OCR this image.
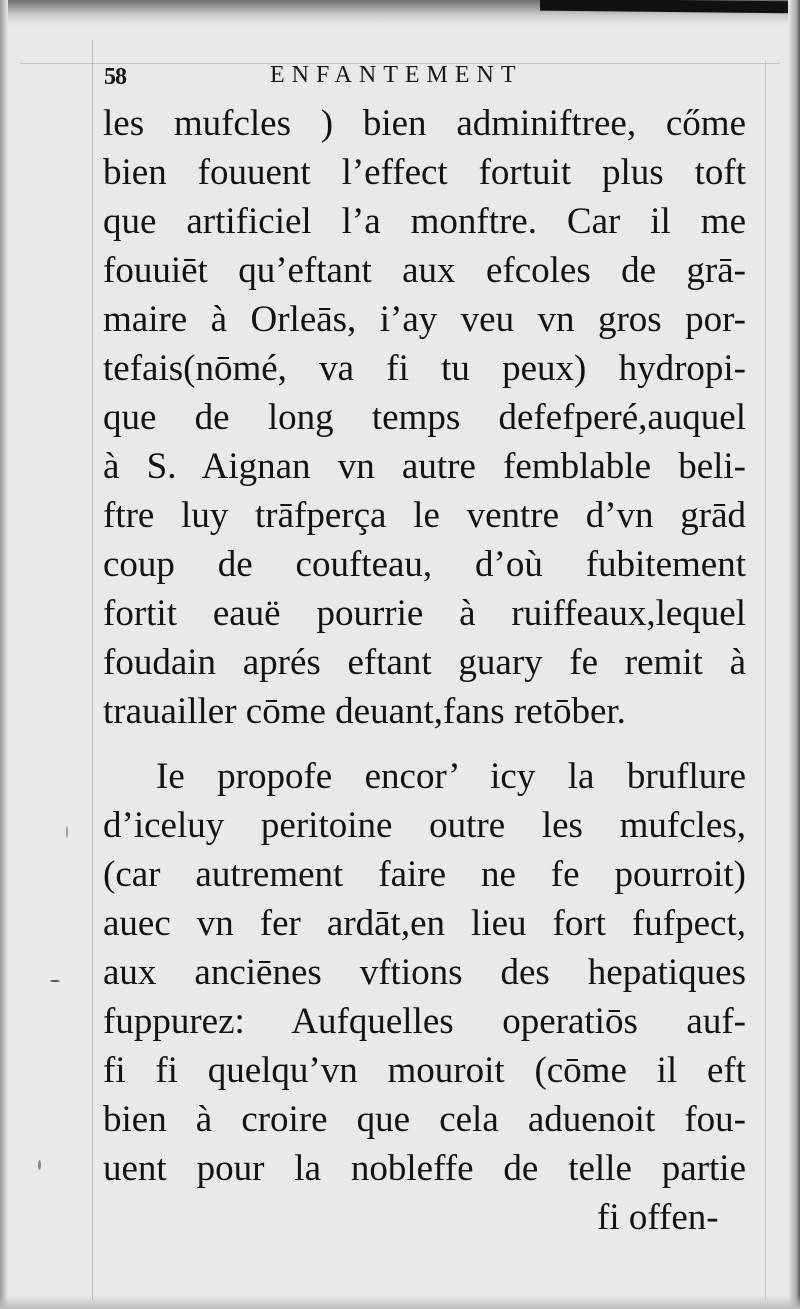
58	ENFANTEMENT
les mufcles ) bien adminiftree, cőme
bien fouuent l’effect fortuit plus toft
que artificiel l’a monftre. Car il me
fouuiēt qu’eftant aux efcoles de grā-
maire à Orleās, i’ay veu vn gros por-
tefais(nōmé, va fi tu peux) hydropi-
que de long temps defefperé,auquel
à S. Aignan vn autre femblable beli-
ftre luy trāfperça le ventre d’vn grād
coup de coufteau, d’où fubitement
fortit eauë pourrie à ruiffeaux,lequel
foudain aprés eftant guary fe remit à
trauailler cōme deuant,fans retōber.
Ie propofe encor’ icy la bruflure
d’iceluy peritoine outre les mufcles,
(car autrement faire ne fe pourroit)
auec vn fer ardāt,en lieu fort fufpect,
aux anciēnes vftions des hepatiques
fuppurez: Aufquelles operatiōs auf-
fi fi quelqu’vn mouroit (cōme il eft
bien à croire que cela aduenoit fou-
uent pour la nobleffe de telle partie
fi offen-
